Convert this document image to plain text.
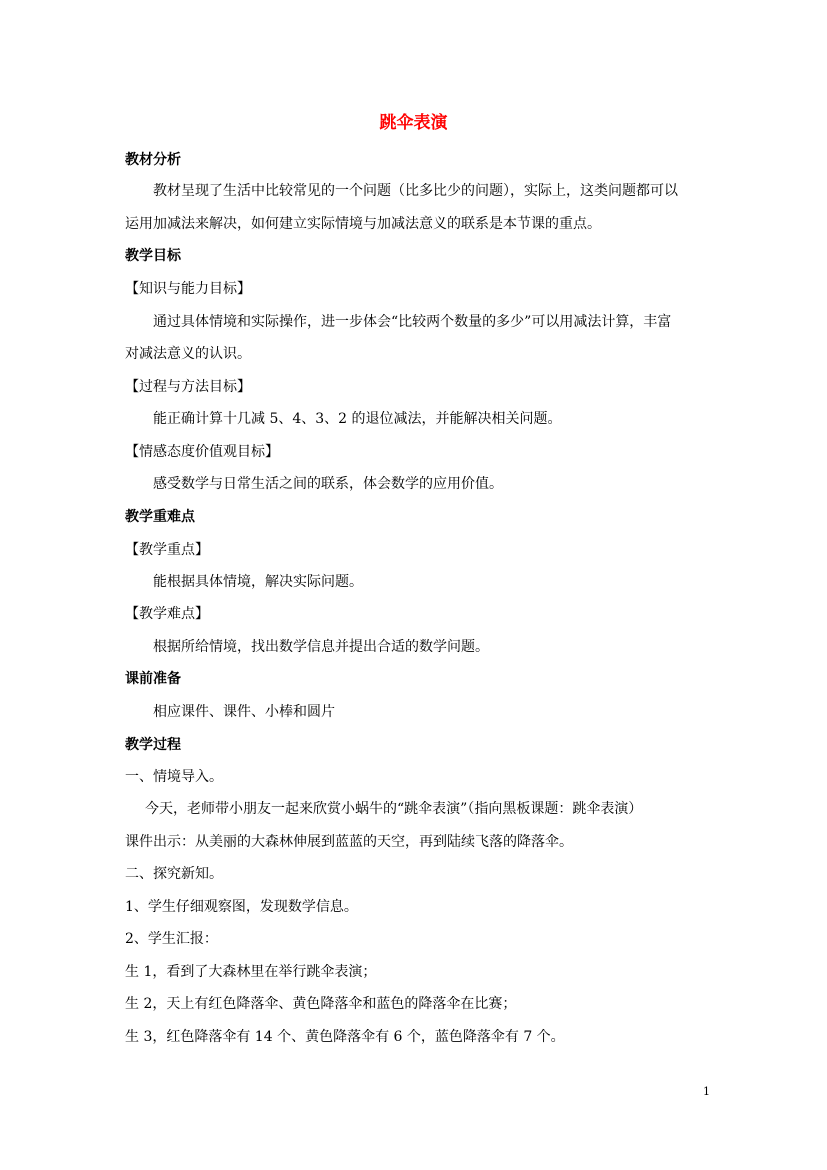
跳伞表演
教材分析
教材呈现了生活中比较常见的一个问题（比多比少的问题），实际上，这类问题都可以
运用加减法来解决，如何建立实际情境与加减法意义的联系是本节课的重点。
教学目标
【知识与能力目标】
通过具体情境和实际操作，进一步体会“比较两个数量的多少”可以用减法计算，丰富
对减法意义的认识。
【过程与方法目标】
能正确计算十几减 5、4、3、2 的退位减法，并能解决相关问题。
【情感态度价值观目标】
感受数学与日常生活之间的联系，体会数学的应用价值。
教学重难点
【教学重点】
能根据具体情境，解决实际问题。
【教学难点】
根据所给情境，找出数学信息并提出合适的数学问题。
课前准备
相应课件、课件、小棒和圆片
教学过程
一、情境导入。
今天，老师带小朋友一起来欣赏小蜗牛的“跳伞表演”（指向黑板课题：跳伞表演）
课件出示：从美丽的大森林伸展到蓝蓝的天空，再到陆续飞落的降落伞。
二、探究新知。
1、学生仔细观察图，发现数学信息。
2、学生汇报：
生 1，看到了大森林里在举行跳伞表演；
生 2，天上有红色降落伞、黄色降落伞和蓝色的降落伞在比赛；
生 3，红色降落伞有 14 个、黄色降落伞有 6 个，蓝色降落伞有 7 个。
1
